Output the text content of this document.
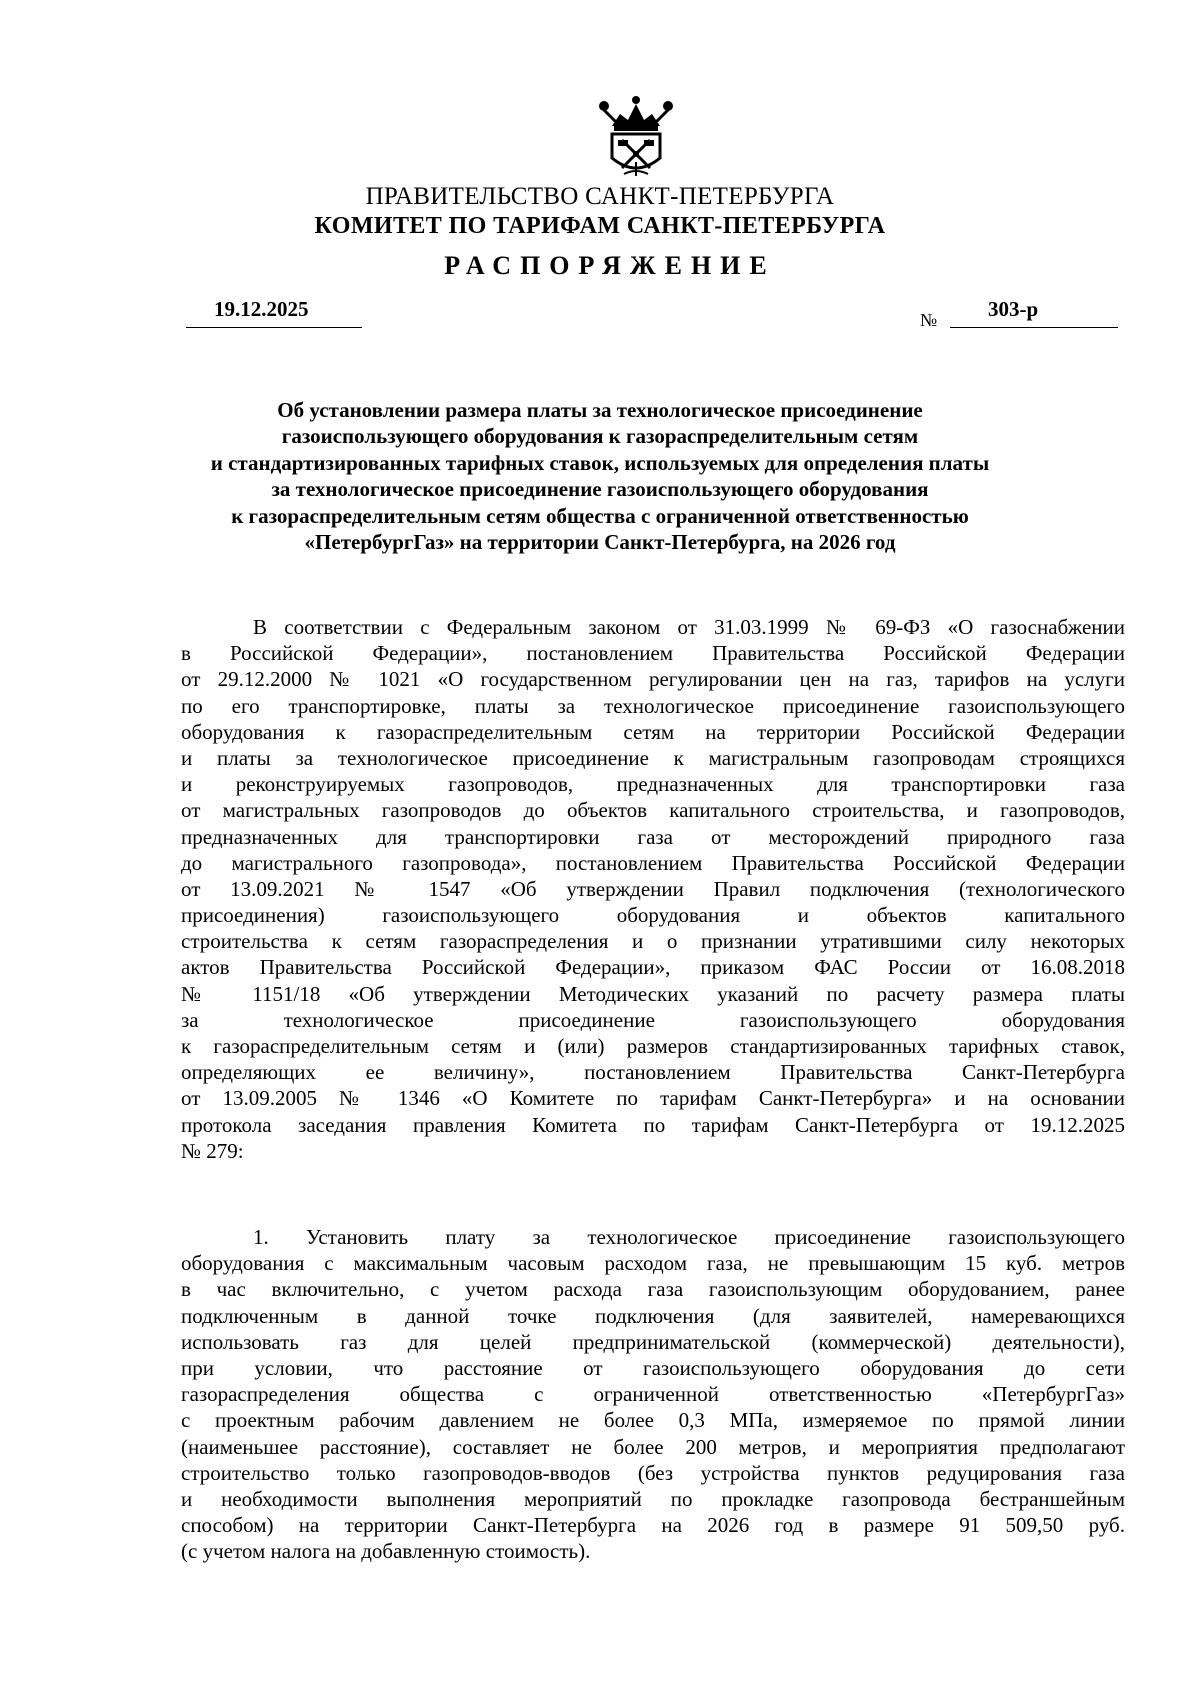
ПРАВИТЕЛЬСТВО САНКТ-ПЕТЕРБУРГА
КОМИТЕТ ПО ТАРИФАМ САНКТ-ПЕТЕРБУРГА
РАСПОРЯЖЕНИЕ
19.12.2025	№ 303-р
Об установлении размера платы за технологическое присоединение
газоиспользующего оборудования к газораспределительным сетям
и стандартизированных тарифных ставок, используемых для определения платы
за технологическое присоединение газоиспользующего оборудования
к газораспределительным сетям общества с ограниченной ответственностью
«ПетербургГаз» на территории Санкт-Петербурга, на 2026 год
В соответствии с Федеральным законом от 31.03.1999 № 69-ФЗ «О газоснабжении
в Российской Федерации», постановлением Правительства Российской Федерации
от 29.12.2000 № 1021 «О государственном регулировании цен на газ, тарифов на услуги
по его транспортировке, платы за технологическое присоединение газоиспользующего
оборудования к газораспределительным сетям на территории Российской Федерации
и платы за технологическое присоединение к магистральным газопроводам строящихся
и реконструируемых газопроводов, предназначенных для транспортировки газа
от магистральных газопроводов до объектов капитального строительства, и газопроводов,
предназначенных для транспортировки газа от месторождений природного газа
до магистрального газопровода», постановлением Правительства Российской Федерации
от 13.09.2021 № 1547 «Об утверждении Правил подключения (технологического
присоединения) газоиспользующего оборудования и объектов капитального
строительства к сетям газораспределения и о признании утратившими силу некоторых
актов Правительства Российской Федерации», приказом ФАС России от 16.08.2018
№ 1151/18 «Об утверждении Методических указаний по расчету размера платы
за технологическое присоединение газоиспользующего оборудования
к газораспределительным сетям и (или) размеров стандартизированных тарифных ставок,
определяющих ее величину», постановлением Правительства Санкт-Петербурга
от 13.09.2005 № 1346 «О Комитете по тарифам Санкт-Петербурга» и на основании
протокола заседания правления Комитета по тарифам Санкт-Петербурга от 19.12.2025
№ 279:
1. Установить плату за технологическое присоединение газоиспользующего
оборудования с максимальным часовым расходом газа, не превышающим 15 куб. метров
в час включительно, с учетом расхода газа газоиспользующим оборудованием, ранее
подключенным в данной точке подключения (для заявителей, намеревающихся
использовать газ для целей предпринимательской (коммерческой) деятельности),
при условии, что расстояние от газоиспользующего оборудования до сети
газораспределения общества с ограниченной ответственностью «ПетербургГаз»
с проектным рабочим давлением не более 0,3 МПа, измеряемое по прямой линии
(наименьшее расстояние), составляет не более 200 метров, и мероприятия предполагают
строительство только газопроводов-вводов (без устройства пунктов редуцирования газа
и необходимости выполнения мероприятий по прокладке газопровода бестраншейным
способом) на территории Санкт-Петербурга на 2026 год в размере 91 509,50 руб.
(с учетом налога на добавленную стоимость).
